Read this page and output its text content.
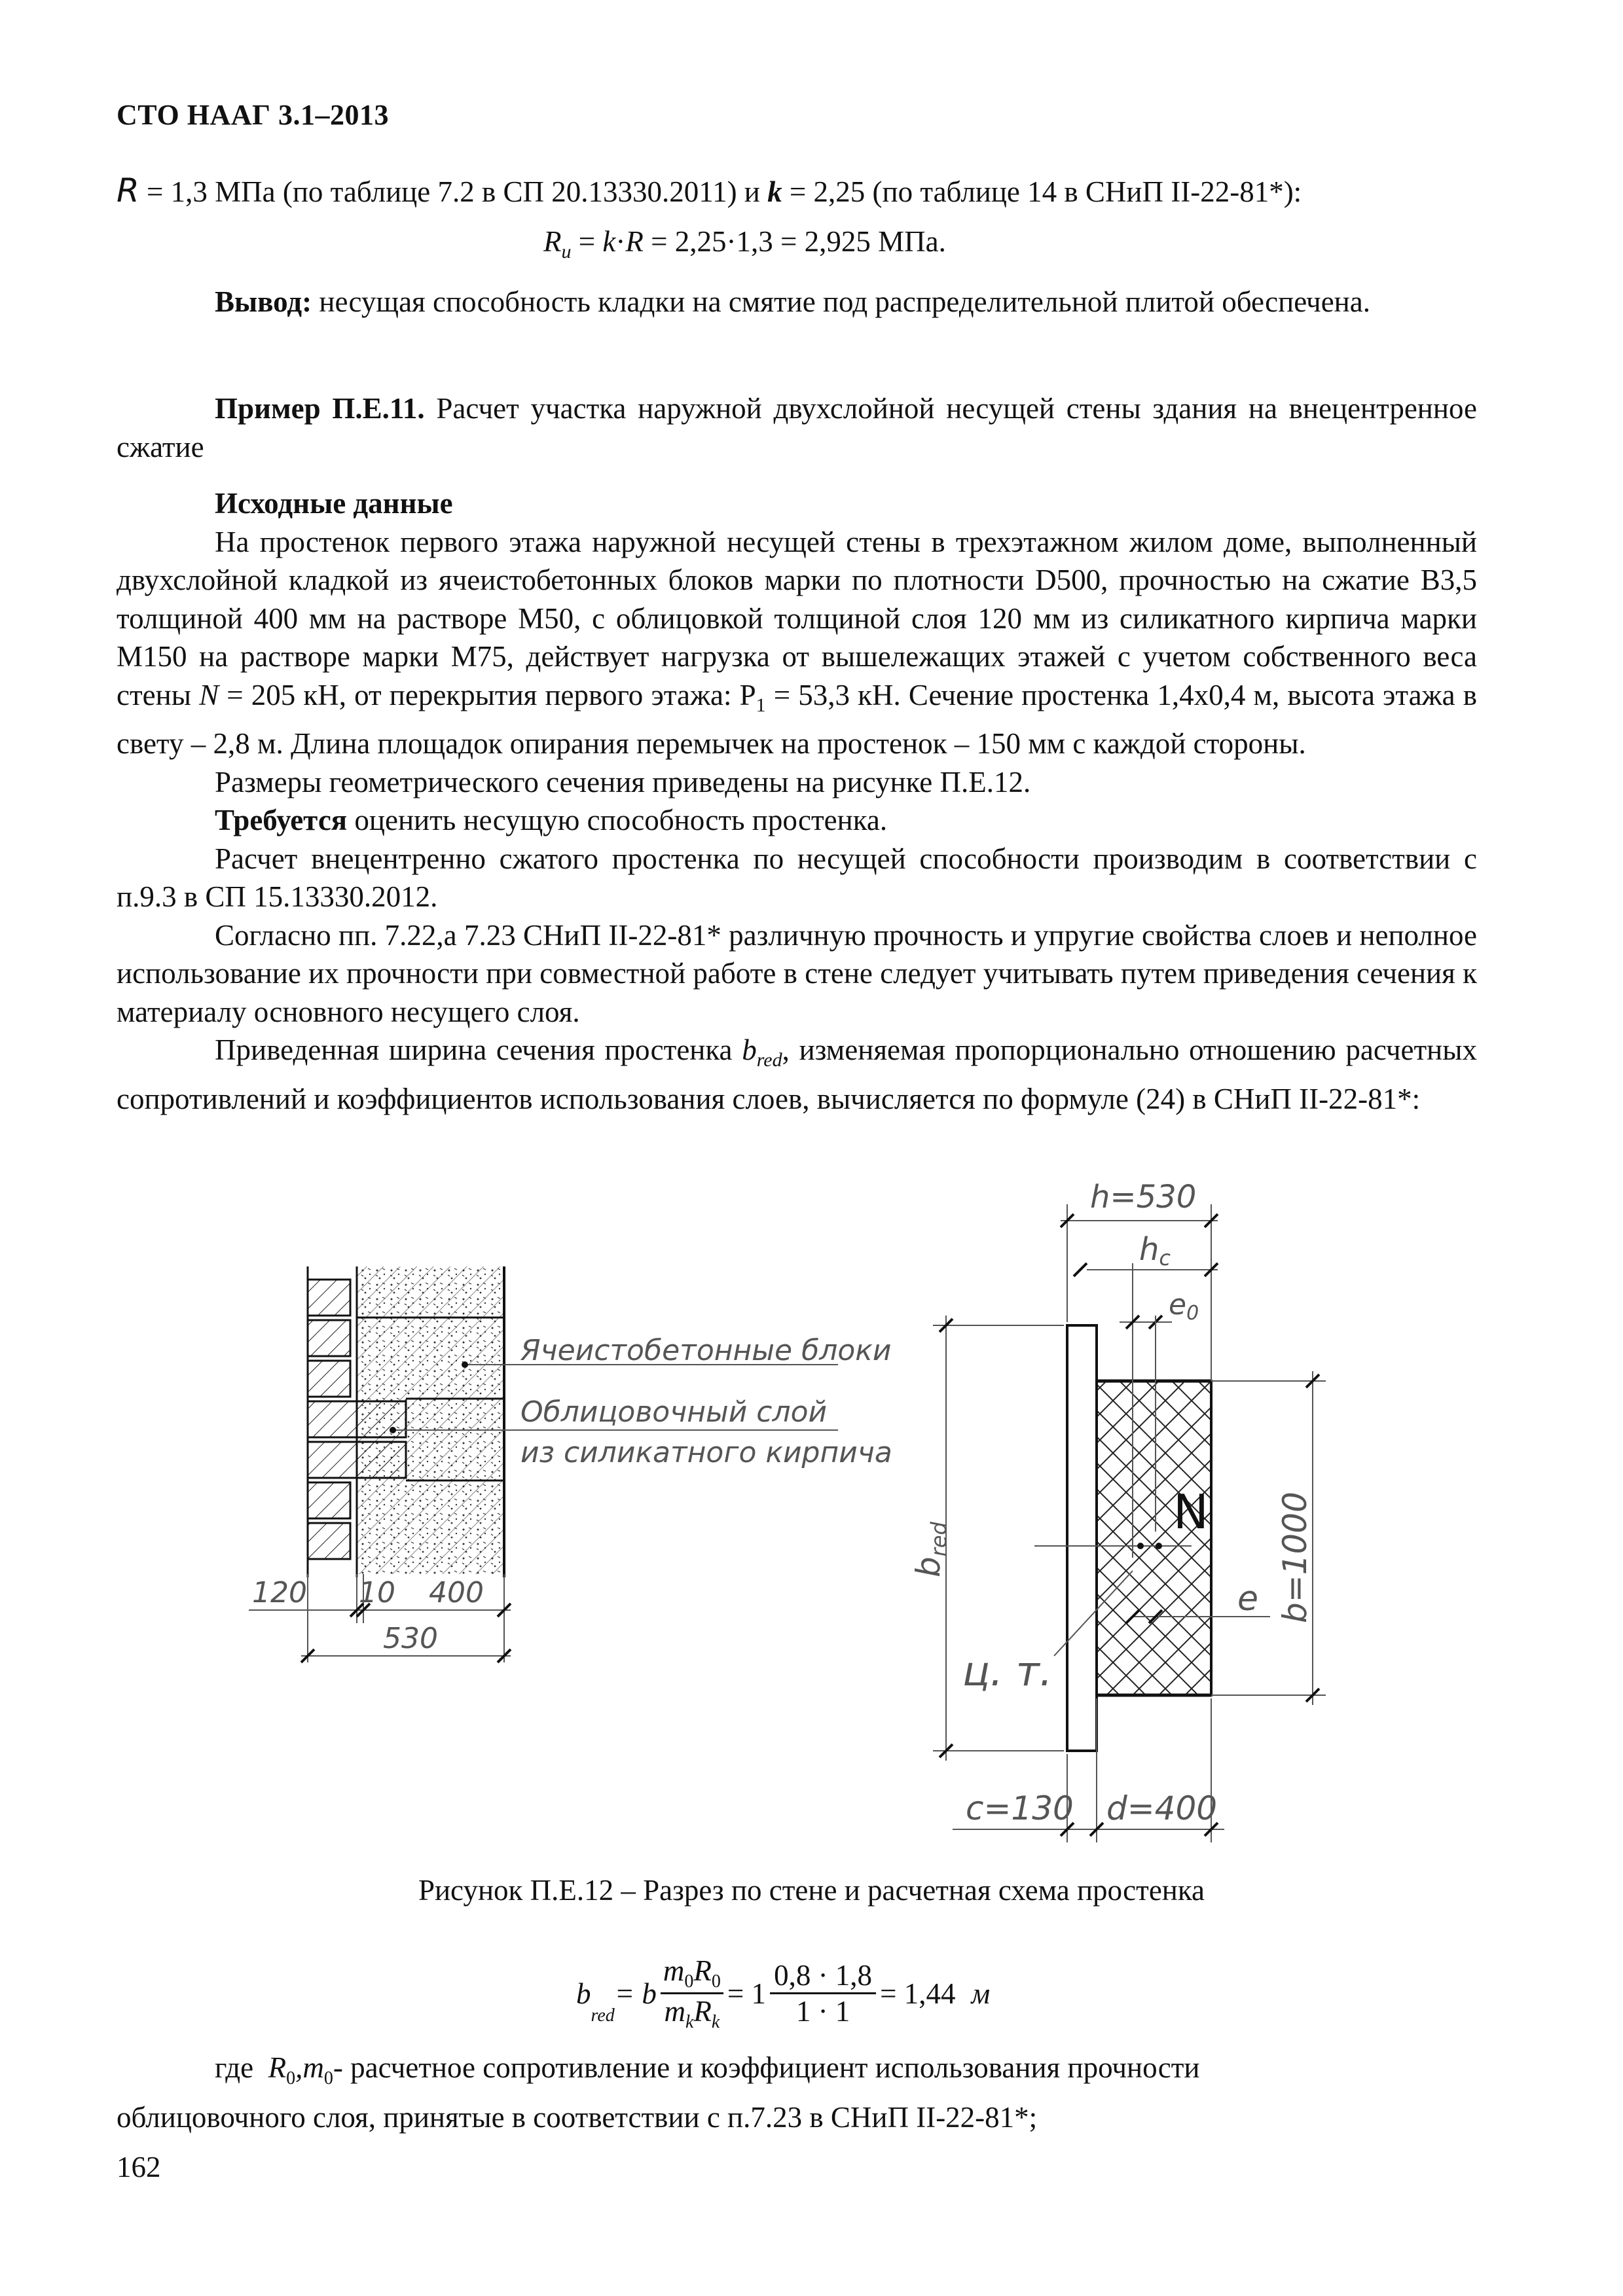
СТО НААГ 3.1–2013
R = 1,3 МПа (по таблице 7.2 в СП 20.13330.2011) и k = 2,25 (по таблице 14 в СНиП II-22-81*):
$R_u = k\cdot R = 2,25\cdot 1,3 = 2,925$ МПа.
Вывод: несущая способность кладки на смятие под распределительной плитой обеспечена.
Пример П.Е.11. Расчет участка наружной двухслойной несущей стены здания на внецентренное сжатие

Исходные данные

На простенок первого этажа наружной несущей стены в трехэтажном жилом доме, выполненный двухслойной кладкой из ячеистобетонных блоков марки по плотности D500, прочностью на сжатие В3,5 толщиной 400 мм на растворе М50, с облицовкой толщиной слоя 120 мм из силикатного кирпича марки М150 на растворе марки М75, действует нагрузка от вышележащих этажей с учетом собственного веса стены N = 205 кН, от перекрытия первого этажа: $Р_1 = 53,3$ кН. Сечение простенка 1,4х0,4 м, высота этажа в свету – 2,8 м. Длина площадок опирания перемычек на простенок – 150 мм с каждой стороны.

Размеры геометрического сечения приведены на рисунке П.Е.12.

Требуется оценить несущую способность простенка.

Расчет внецентренно сжатого простенка по несущей способности производим в соответствии с п.9.3 в СП 15.13330.2012.

Согласно пп. 7.22,а 7.23 СНиП II-22-81* различную прочность и упругие свойства слоев и неполное использование их прочности при совместной работе в стене следует учитывать путем приведения сечения к материалу основного несущего слоя.

Приведенная ширина сечения простенка $b_{red}$, изменяемая пропорционально отношению расчетных сопротивлений и коэффициентов использования слоев, вычисляется по формуле (24) в СНиП II-22-81*:

Ячеистобетонные блоки
Облицовочный слой
из силикатного кирпича
120 10 400
530
h=530
hc
e0
N
e
$b_{red}$	b=1000
ц. т.
c=130 d=400
Рисунок П.Е.12 – Разрез по стене и расчетная схема простенка
b
$_{red}$
= b
$m_0R_0$
$m_kR_k$
= $1 \frac{0,8 \cdot 1,8}{1 \cdot 1} = 1,44$ м

где $R_0,m_0-$ расчетное сопротивление и коэффициент использования прочности

облицовочного слоя, принятые в соответствии с п.7.23 в СНиП II-22-81*;

162
